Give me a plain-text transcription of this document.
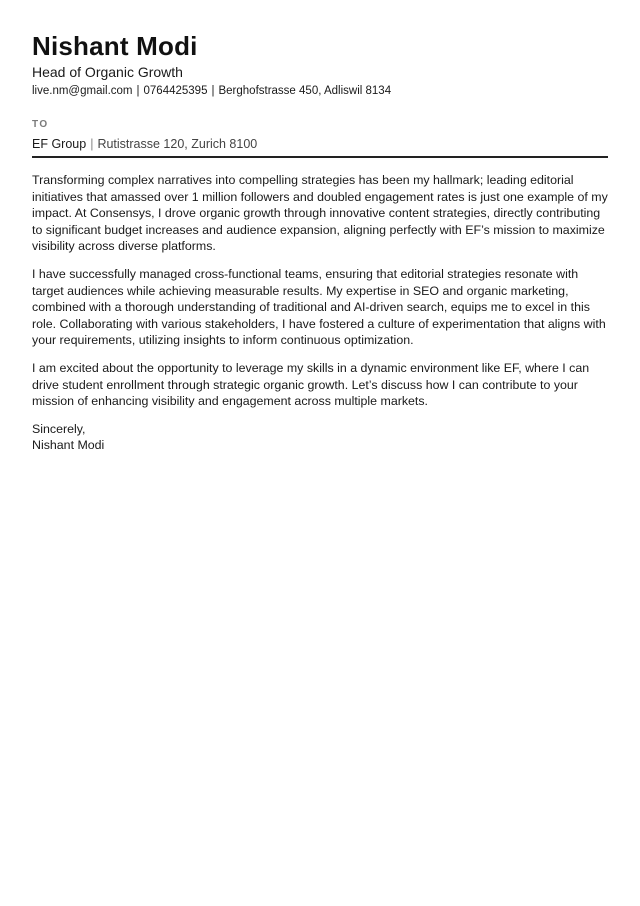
Nishant Modi
Head of Organic Growth
live.nm@gmail.com | 0764425395 | Berghofstrasse 450, Adliswil 8134
TO
EF Group | Rutistrasse 120, Zurich 8100

Transforming complex narratives into compelling strategies has been my hallmark; leading editorial initiatives that amassed over 1 million followers and doubled engagement rates is just one example of my impact. At Consensys, I drove organic growth through innovative content strategies, directly contributing to significant budget increases and audience expansion, aligning perfectly with EF’s mission to maximize visibility across diverse platforms.

I have successfully managed cross-functional teams, ensuring that editorial strategies resonate with target audiences while achieving measurable results. My expertise in SEO and organic marketing, combined with a thorough understanding of traditional and AI-driven search, equips me to excel in this role. Collaborating with various stakeholders, I have fostered a culture of experimentation that aligns with your requirements, utilizing insights to inform continuous optimization.

I am excited about the opportunity to leverage my skills in a dynamic environment like EF, where I can drive student enrollment through strategic organic growth. Let’s discuss how I can contribute to your mission of enhancing visibility and engagement across multiple markets.

Sincerely,
Nishant Modi
